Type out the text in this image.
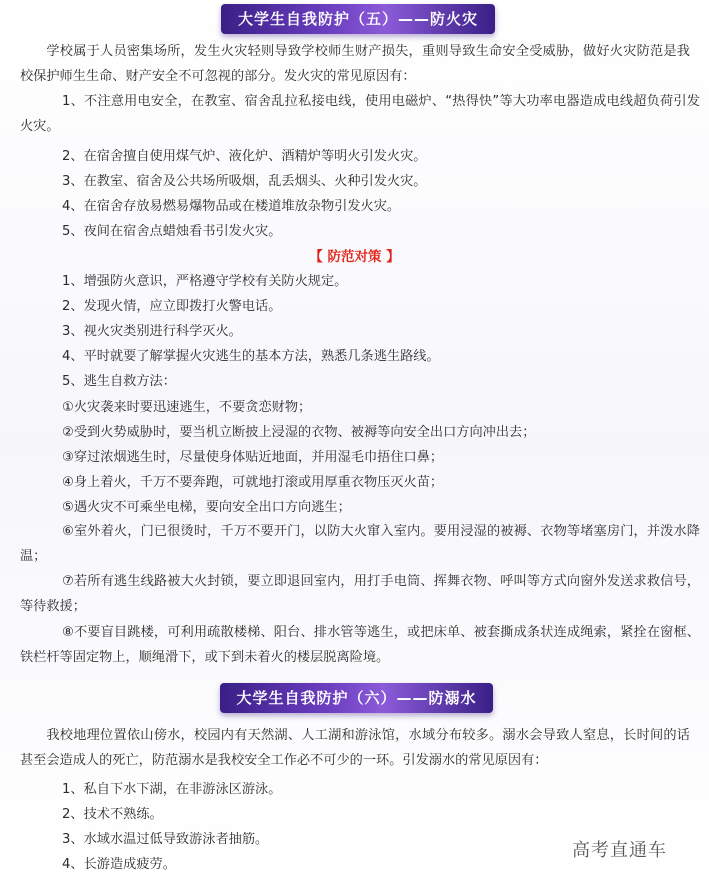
大学生自我防护（五）——防火灾

学校属于人员密集场所，发生火灾轻则导致学校师生财产损失，重则导致生命安全受威胁，做好火灾防范是我校保护师生生命、财产安全不可忽视的部分。发火灾的常见原因有：

1、不注意用电安全，在教室、宿舍乱拉私接电线，使用电磁炉、“热得快”等大功率电器造成电线超负荷引发火灾。

2、在宿舍擅自使用煤气炉、液化炉、酒精炉等明火引发火灾。

3、在教室、宿舍及公共场所吸烟，乱丢烟头、火种引发火灾。

4、在宿舍存放易燃易爆物品或在楼道堆放杂物引发火灾。

5、夜间在宿舍点蜡烛看书引发火灾。

【 防范对策 】

1、增强防火意识，严格遵守学校有关防火规定。

2、发现火情，应立即拨打火警电话。

3、视火灾类别进行科学灭火。

4、平时就要了解掌握火灾逃生的基本方法，熟悉几条逃生路线。

5、逃生自救方法：

①火灾袭来时要迅速逃生，不要贪恋财物；

②受到火势威胁时，要当机立断披上浸湿的衣物、被褥等向安全出口方向冲出去；

③穿过浓烟逃生时，尽量使身体贴近地面，并用湿毛巾捂住口鼻；

④身上着火，千万不要奔跑，可就地打滚或用厚重衣物压灭火苗；

⑤遇火灾不可乘坐电梯，要向安全出口方向逃生；

⑥室外着火，门已很烫时，千万不要开门，以防大火窜入室内。要用浸湿的被褥、衣物等堵塞房门，并泼水降温；

⑦若所有逃生线路被大火封锁，要立即退回室内，用打手电筒、挥舞衣物、呼叫等方式向窗外发送求救信号，等待救援；

⑧不要盲目跳楼，可利用疏散楼梯、阳台、排水管等逃生，或把床单、被套撕成条状连成绳索，紧拴在窗框、铁栏杆等固定物上，顺绳滑下，或下到未着火的楼层脱离险境。

大学生自我防护（六）——防溺水

我校地理位置依山傍水，校园内有天然湖、人工湖和游泳馆，水域分布较多。溺水会导致人窒息，长时间的话甚至会造成人的死亡，防范溺水是我校安全工作必不可少的一环。引发溺水的常见原因有：

1、私自下水下湖，在非游泳区游泳。

2、技术不熟练。

3、水域水温过低导致游泳者抽筋。

4、长游造成疲劳。

高考直通车
